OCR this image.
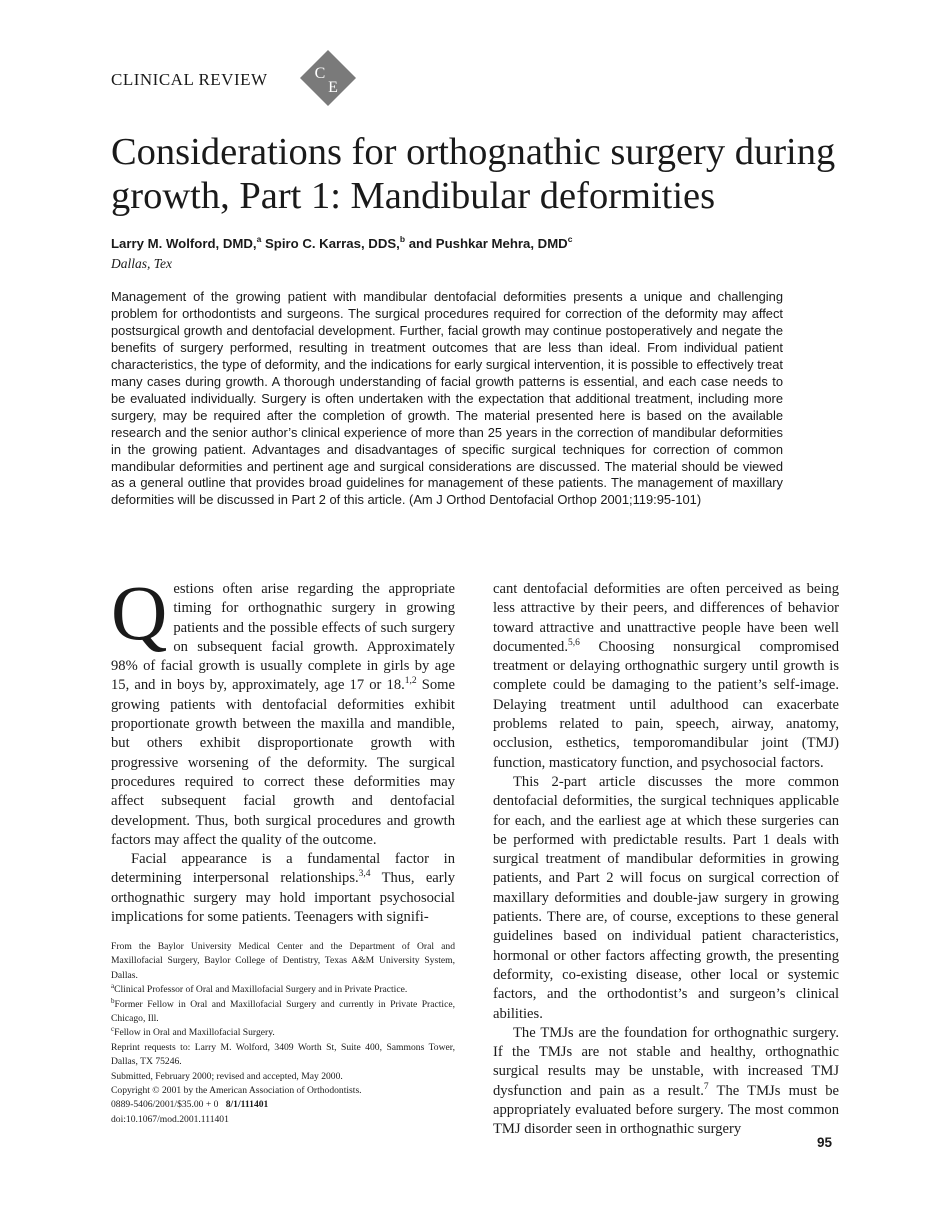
CLINICAL REVIEW	C
E
Considerations for orthognathic surgery during growth, Part 1: Mandibular deformities
Larry M. Wolford, DMD,$^a$ Spiro C. Karras, DDS,$^b$ and Pushkar Mehra, DMD$^c$
Dallas, Tex

Management of the growing patient with mandibular dentofacial deformities presents a unique and challenging problem for orthodontists and surgeons. The surgical procedures required for correction of the deformity may affect postsurgical growth and dentofacial development. Further, facial growth may continue postoperatively and negate the benefits of surgery performed, resulting in treatment outcomes that are less than ideal. From individual patient characteristics, the type of deformity, and the indications for early surgical intervention, it is possible to effectively treat many cases during growth. A thorough understanding of facial growth patterns is essential, and each case needs to be evaluated individually. Surgery is often undertaken with the expectation that additional treatment, including more surgery, may be required after the completion of growth. The material presented here is based on the available research and the senior author’s clinical experience of more than 25 years in the correction of mandibular deformities in the growing patient. Advantages and disadvantages of specific surgical techniques for correction of common mandibular deformities and pertinent age and surgical considerations are discussed. The material should be viewed as a general outline that provides broad guidelines for management of these patients. The management of maxillary deformities will be discussed in Part 2 of this article. (Am J Orthod Dentofacial Orthop 2001;119:95-101)

Qestions often arise regarding the appropriate timing for orthognathic surgery in growing patients and the possible effects of such surgery on subsequent facial growth. Approximately 98% of facial growth is usually complete in girls by age 15, and in boys by, approximately, age 17 or 18.$^{1,2}$ Some growing patients with dentofacial deformities exhibit proportionate growth between the maxilla and mandible, but others exhibit disproportionate growth with progressive worsening of the deformity. The surgical procedures required to correct these deformities may affect subsequent facial growth and dentofacial development. Thus, both surgical procedures and growth factors may affect the quality of the outcome.

Facial appearance is a fundamental factor in determining interpersonal relationships.$^{3,4}$ Thus, early orthognathic surgery may hold important psychosocial implications for some patients. Teenagers with signifi-

From the Baylor University Medical Center and the Department of Oral and Maxillofacial Surgery, Baylor College of Dentistry, Texas A&M University System, Dallas.

$^a$Clinical Professor of Oral and Maxillofacial Surgery and in Private Practice.

$^b$Former Fellow in Oral and Maxillofacial Surgery and currently in Private Practice, Chicago, Ill.

$^c$Fellow in Oral and Maxillofacial Surgery.

Reprint requests to: Larry M. Wolford, 3409 Worth St, Suite 400, Sammons Tower, Dallas, TX 75246.

Submitted, February 2000; revised and accepted, May 2000.

Copyright © 2001 by the American Association of Orthodontists.

0889-5406/2001/$35.00 + 0 8/1/111401

doi:10.1067/mod.2001.111401

cant dentofacial deformities are often perceived as being less attractive by their peers, and differences of behavior toward attractive and unattractive people have been well documented.$^{5,6}$ Choosing nonsurgical compromised treatment or delaying orthognathic surgery until growth is complete could be damaging to the patient’s self-image. Delaying treatment until adulthood can exacerbate problems related to pain, speech, airway, anatomy, occlusion, esthetics, temporomandibular joint (TMJ) function, masticatory function, and psychosocial factors.

This 2-part article discusses the more common dentofacial deformities, the surgical techniques applicable for each, and the earliest age at which these surgeries can be performed with predictable results. Part 1 deals with surgical treatment of mandibular deformities in growing patients, and Part 2 will focus on surgical correction of maxillary deformities and double-jaw surgery in growing patients. There are, of course, exceptions to these general guidelines based on individual patient characteristics, hormonal or other factors affecting growth, the presenting deformity, co-existing disease, other local or systemic factors, and the orthodontist’s and surgeon’s clinical abilities.

The TMJs are the foundation for orthognathic surgery. If the TMJs are not stable and healthy, orthognathic surgical results may be unstable, with increased TMJ dysfunction and pain as a result.$^7$ The TMJs must be appropriately evaluated before surgery. The most common TMJ disorder seen in orthognathic surgery

95
